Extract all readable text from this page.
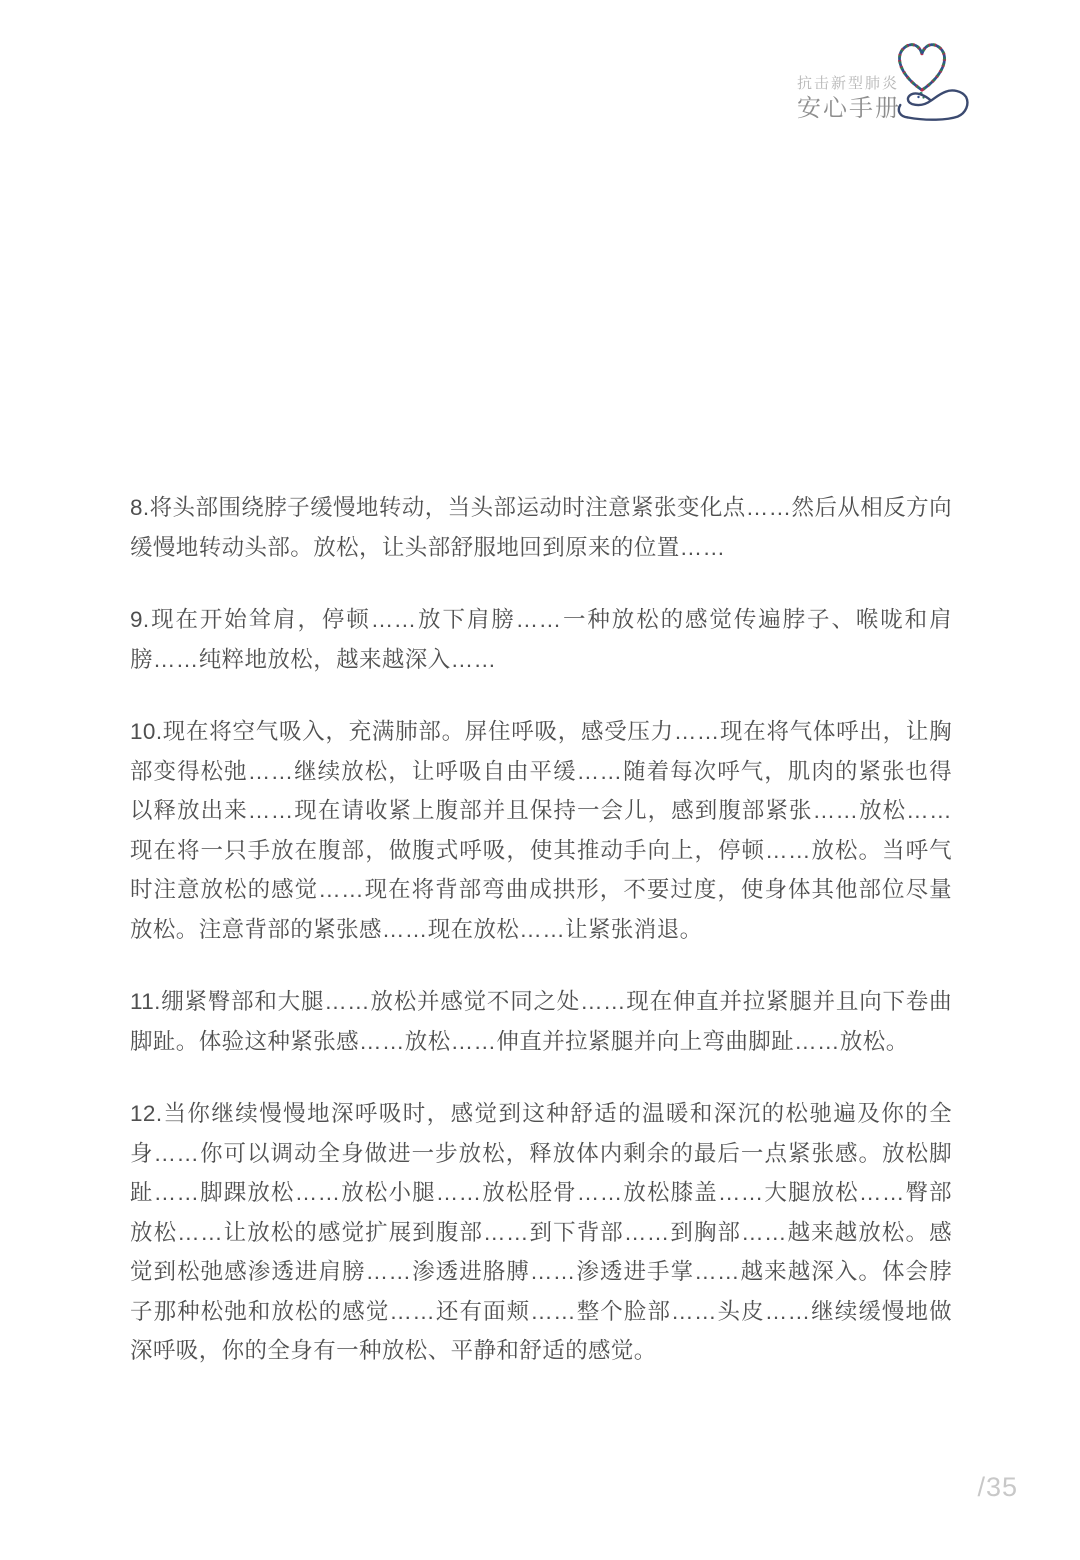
抗击新型肺炎

安心手册

8.将头部围绕脖子缓慢地转动，当头部运动时注意紧张变化点……然后从相反方向缓慢地转动头部。放松，让头部舒服地回到原来的位置……

9.现在开始耸肩，停顿……放下肩膀……一种放松的感觉传遍脖子、喉咙和肩膀……纯粹地放松，越来越深入……

10.现在将空气吸入，充满肺部。屏住呼吸，感受压力……现在将气体呼出，让胸部变得松弛……继续放松，让呼吸自由平缓……随着每次呼气，肌肉的紧张也得以释放出来……现在请收紧上腹部并且保持一会儿，感到腹部紧张……放松……现在将一只手放在腹部，做腹式呼吸，使其推动手向上，停顿……放松。当呼气时注意放松的感觉……现在将背部弯曲成拱形，不要过度，使身体其他部位尽量放松。注意背部的紧张感……现在放松……让紧张消退。

11.绷紧臀部和大腿……放松并感觉不同之处……现在伸直并拉紧腿并且向下卷曲脚趾。体验这种紧张感……放松……伸直并拉紧腿并向上弯曲脚趾……放松。

12.当你继续慢慢地深呼吸时，感觉到这种舒适的温暖和深沉的松驰遍及你的全身……你可以调动全身做进一步放松，释放体内剩余的最后一点紧张感。放松脚趾……脚踝放松……放松小腿……放松胫骨……放松膝盖……大腿放松……臀部放松……让放松的感觉扩展到腹部……到下背部……到胸部……越来越放松。感觉到松弛感渗透进肩膀……渗透进胳膊……渗透进手掌……越来越深入。体会脖子那种松弛和放松的感觉……还有面颊……整个脸部……头皮……继续缓慢地做深呼吸，你的全身有一种放松、平静和舒适的感觉。

/35
